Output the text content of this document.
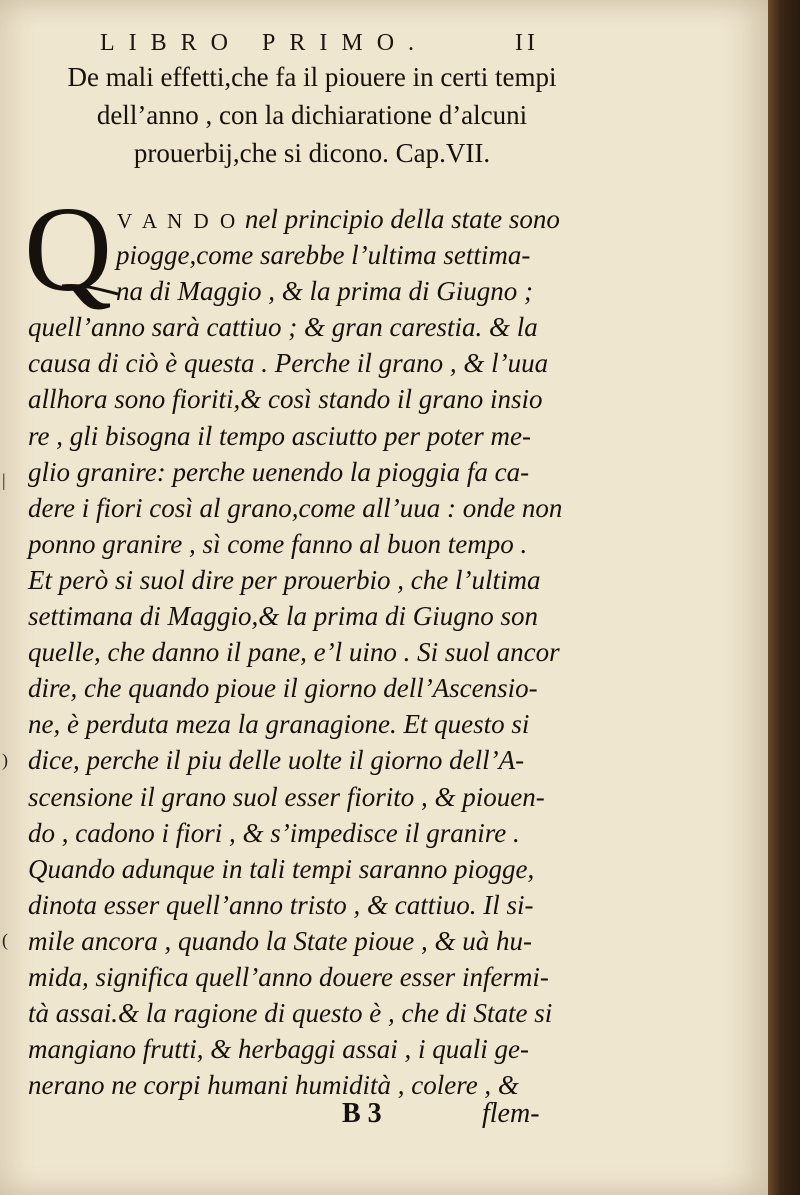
LIBRO PRIMO.	II
De mali effetti,che fa il piouere in certi tempi
dell’anno , con la dichiaratione d’alcuni
prouerbij,che si dicono. Cap.VII.
Q V A N D O nel principio della state sono
piogge,come sarebbe l’ultima settima-
na di Maggio , & la prima di Giugno ;
quell’anno sarà cattiuo ; & gran carestia. & la
causa di ciò è questa . Perche il grano , & l’uua
allhora sono fioriti,& così stando il grano insio
re , gli bisogna il tempo asciutto per poter me-
glio granire: perche uenendo la pioggia fa ca-
dere i fiori così al grano,come all’uua : onde non
ponno granire , sì come fanno al buon tempo .
Et però si suol dire per prouerbio , che l’ultima
settimana di Maggio,& la prima di Giugno son
quelle, che danno il pane, e’l uino . Si suol ancor
dire, che quando pioue il giorno dell’Ascensio-
ne, è perduta meza la granagione. Et questo si
dice, perche il piu delle uolte il giorno dell’A-
scensione il grano suol esser fiorito , & piouen-
do , cadono i fiori , & s’impedisce il granire .
Quando adunque in tali tempi saranno piogge,
dinota esser quell’anno tristo , & cattiuo. Il si-
mile ancora , quando la State pioue , & uà hu-
mida, significa quell’anno douere esser infermi-
tà assai.& la ragione di questo è , che di State si
mangiano frutti, & herbaggi assai , i quali ge-
nerano ne corpi humani humidità , colere , &
B 3	flem-
|
)
(
